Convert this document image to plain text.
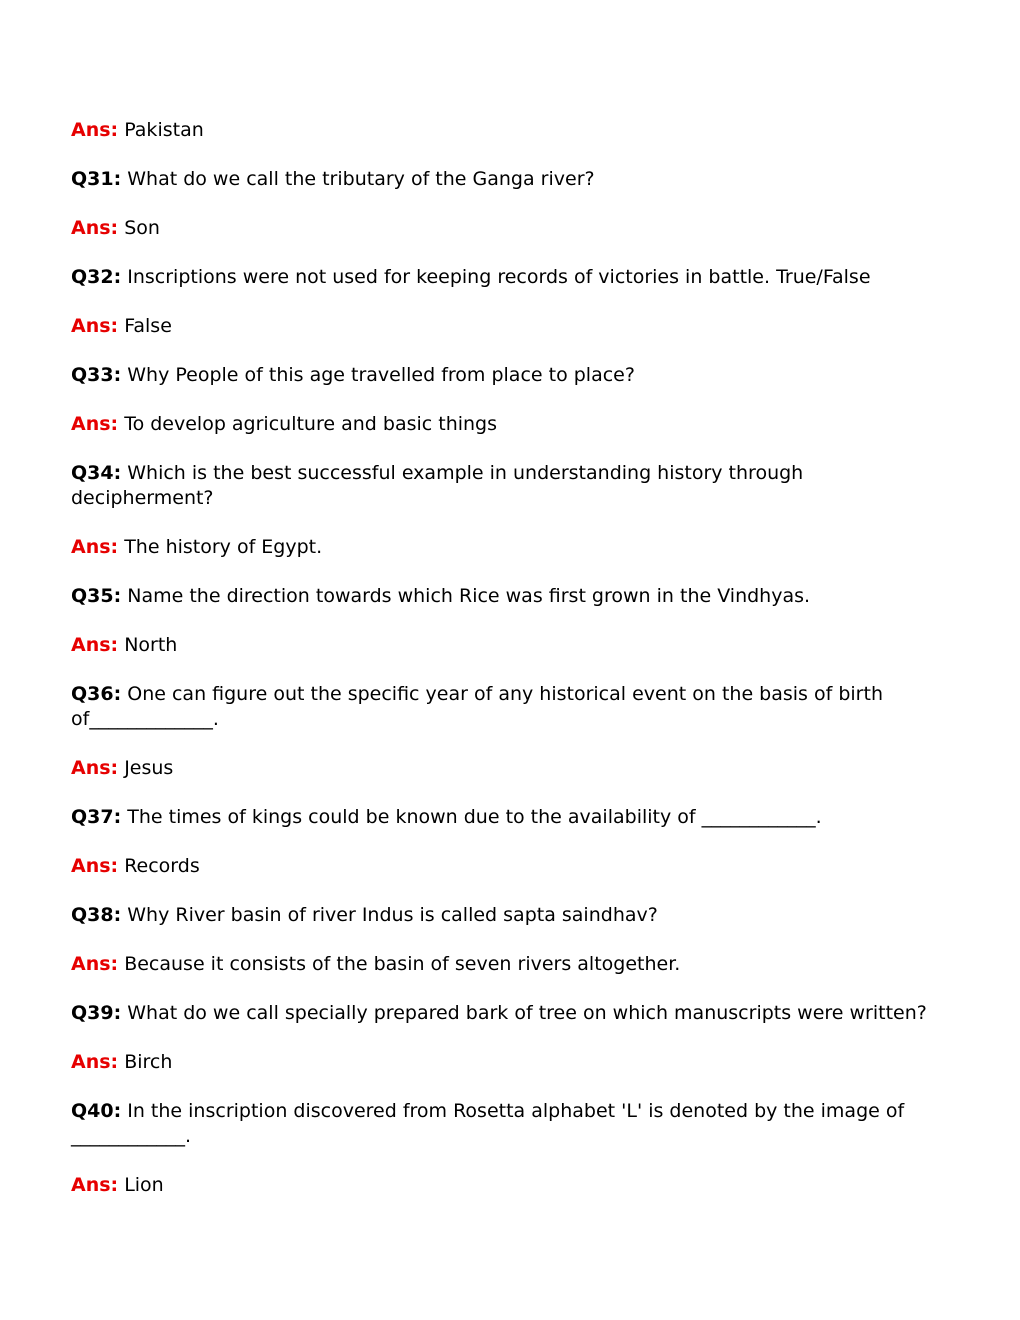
Ans: Pakistan
Q31: What do we call the tributary of the Ganga river?
Ans: Son
Q32: Inscriptions were not used for keeping records of victories in battle. True/False
Ans: False
Q33: Why People of this age travelled from place to place?
Ans: To develop agriculture and basic things
Q34: Which is the best successful example in understanding history through decipherment?
Ans: The history of Egypt.
Q35: Name the direction towards which Rice was first grown in the Vindhyas.
Ans: North
Q36: One can figure out the specific year of any historical event on the basis of birth of_____________.
Ans: Jesus
Q37: The times of kings could be known due to the availability of ____________.
Ans: Records
Q38: Why River basin of river Indus is called sapta saindhav?
Ans: Because it consists of the basin of seven rivers altogether.
Q39: What do we call specially prepared bark of tree on which manuscripts were written?
Ans: Birch
Q40: In the inscription discovered from Rosetta alphabet 'L' is denoted by the image of ____________.
Ans: Lion
